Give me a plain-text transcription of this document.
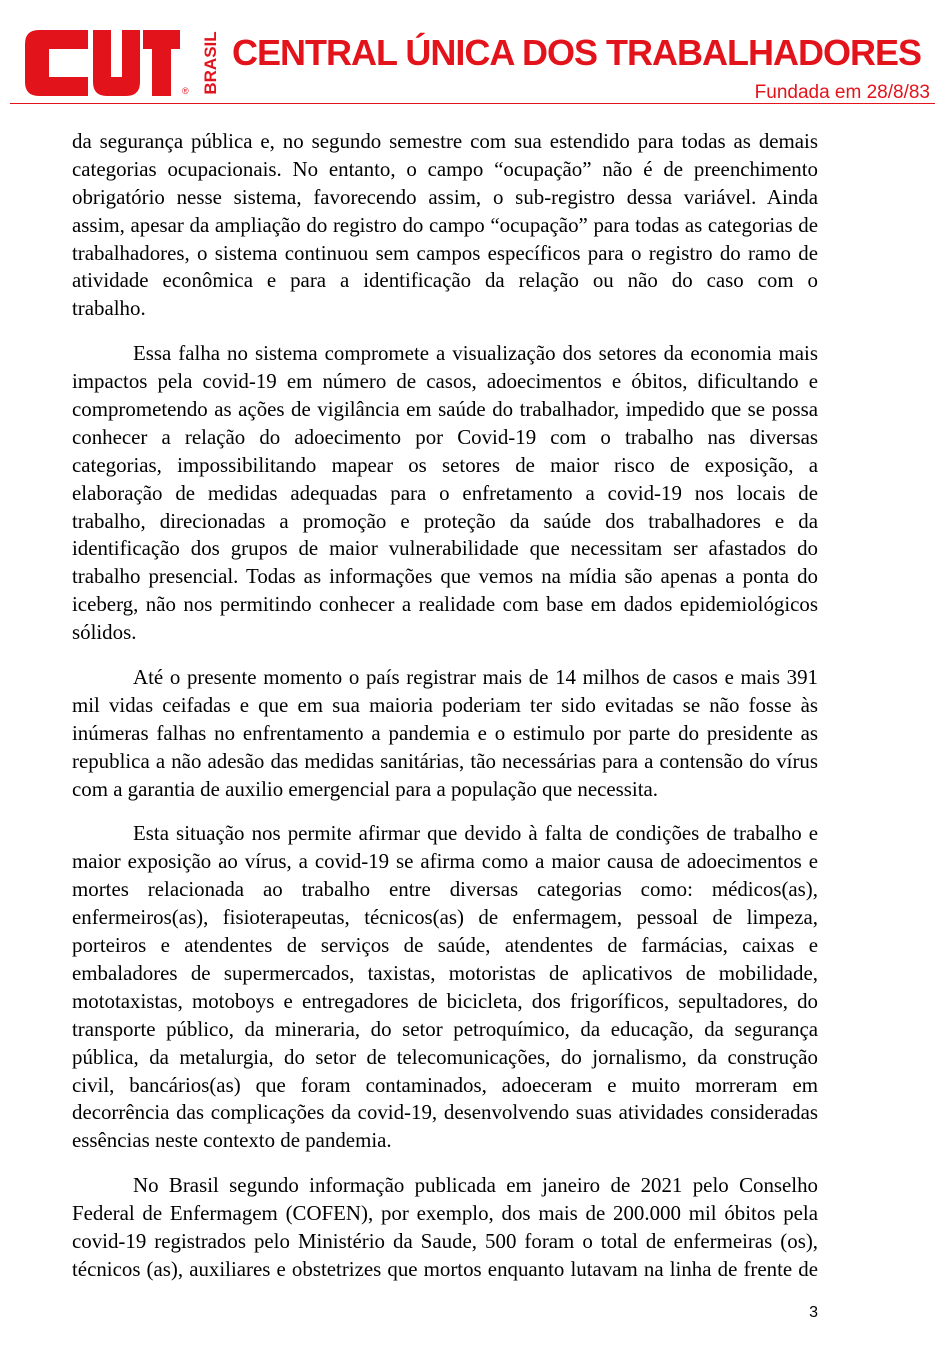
® BRASIL CENTRAL ÚNICA DOS TRABALHADORES
Fundada em 28/8/83
da segurança pública e, no segundo semestre com sua estendido para todas as demais
categorias ocupacionais. No entanto, o campo “ocupação” não é de preenchimento
obrigatório nesse sistema, favorecendo assim, o sub-registro dessa variável. Ainda
assim, apesar da ampliação do registro do campo “ocupação” para todas as categorias de
trabalhadores, o sistema continuou sem campos específicos para o registro do ramo de
atividade econômica e para a identificação da relação ou não do caso com o
trabalho.
Essa falha no sistema compromete a visualização dos setores da economia mais
impactos pela covid-19 em número de casos, adoecimentos e óbitos, dificultando e
comprometendo as ações de vigilância em saúde do trabalhador, impedido que se possa
conhecer a relação do adoecimento por Covid-19 com o trabalho nas diversas
categorias, impossibilitando mapear os setores de maior risco de exposição, a
elaboração de medidas adequadas para o enfretamento a covid-19 nos locais de
trabalho, direcionadas a promoção e proteção da saúde dos trabalhadores e da
identificação dos grupos de maior vulnerabilidade que necessitam ser afastados do
trabalho presencial. Todas as informações que vemos na mídia são apenas a ponta do
iceberg, não nos permitindo conhecer a realidade com base em dados epidemiológicos
sólidos.
Até o presente momento o país registrar mais de 14 milhos de casos e mais 391
mil vidas ceifadas e que em sua maioria poderiam ter sido evitadas se não fosse às
inúmeras falhas no enfrentamento a pandemia e o estimulo por parte do presidente as
republica a não adesão das medidas sanitárias, tão necessárias para a contensão do vírus
com a garantia de auxilio emergencial para a população que necessita.
Esta situação nos permite afirmar que devido à falta de condições de trabalho e
maior exposição ao vírus, a covid-19 se afirma como a maior causa de adoecimentos e
mortes relacionada ao trabalho entre diversas categorias como: médicos(as),
enfermeiros(as), fisioterapeutas, técnicos(as) de enfermagem, pessoal de limpeza,
porteiros e atendentes de serviços de saúde, atendentes de farmácias, caixas e
embaladores de supermercados, taxistas, motoristas de aplicativos de mobilidade,
mototaxistas, motoboys e entregadores de bicicleta, dos frigoríficos, sepultadores, do
transporte público, da mineraria, do setor petroquímico, da educação, da segurança
pública, da metalurgia, do setor de telecomunicações, do jornalismo, da construção
civil, bancários(as) que foram contaminados, adoeceram e muito morreram em
decorrência das complicações da covid-19, desenvolvendo suas atividades consideradas
essências neste contexto de pandemia.
No Brasil segundo informação publicada em janeiro de 2021 pelo Conselho
Federal de Enfermagem (COFEN), por exemplo, dos mais de 200.000 mil óbitos pela
covid-19 registrados pelo Ministério da Saude, 500 foram o total de enfermeiras (os),
técnicos (as), auxiliares e obstetrizes que mortos enquanto lutavam na linha de frente de
3
